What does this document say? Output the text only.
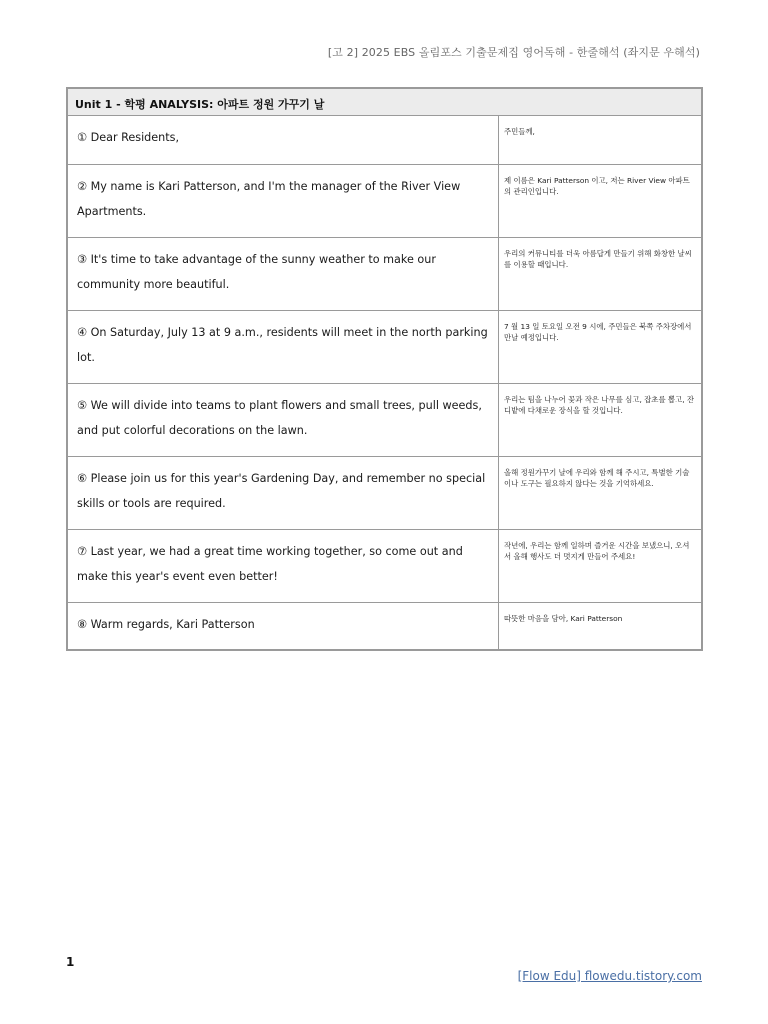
[고 2] 2025 EBS 올림포스 기출문제집 영어독해 - 한줄해석 (좌지문 우해석)
Unit 1 - 학평 ANALYSIS: 아파트 정원 가꾸기 날
① Dear Residents,	주민들께,
② My name is Kari Patterson, and I'm the manager of the River View Apartments.
제 이름은 Kari Patterson 이고, 저는 River View 아파트의 관리인입니다.
③ It's time to take advantage of the sunny weather to make our community more beautiful.
우리의 커뮤니티를 더욱 아름답게 만들기 위해 화창한 날씨를 이용할 때입니다.
④ On Saturday, July 13 at 9 a.m., residents will meet in the north parking lot.
7 월 13 일 토요일 오전 9 시에, 주민들은 북쪽 주차장에서 만날 예정입니다.
⑤ We will divide into teams to plant flowers and small trees, pull weeds, and put colorful decorations on the lawn.
우리는 팀을 나누어 꽃과 작은 나무를 심고, 잡초를 뽑고, 잔디밭에 다채로운 장식을 할 것입니다.
⑥ Please join us for this year's Gardening Day, and remember no special skills or tools are required.
올해 정원가꾸기 날에 우리와 함께 해 주시고, 특별한 기술이나 도구는 필요하지 않다는 것을 기억하세요.
⑦ Last year, we had a great time working together, so come out and make this year's event even better!
작년에, 우리는 함께 일하며 즐거운 시간을 보냈으니, 오셔서 올해 행사도 더 멋지게 만들어 주세요!
⑧ Warm regards, Kari Patterson	따뜻한 마음을 담아, Kari Patterson
1
[Flow Edu] flowedu.tistory.com
